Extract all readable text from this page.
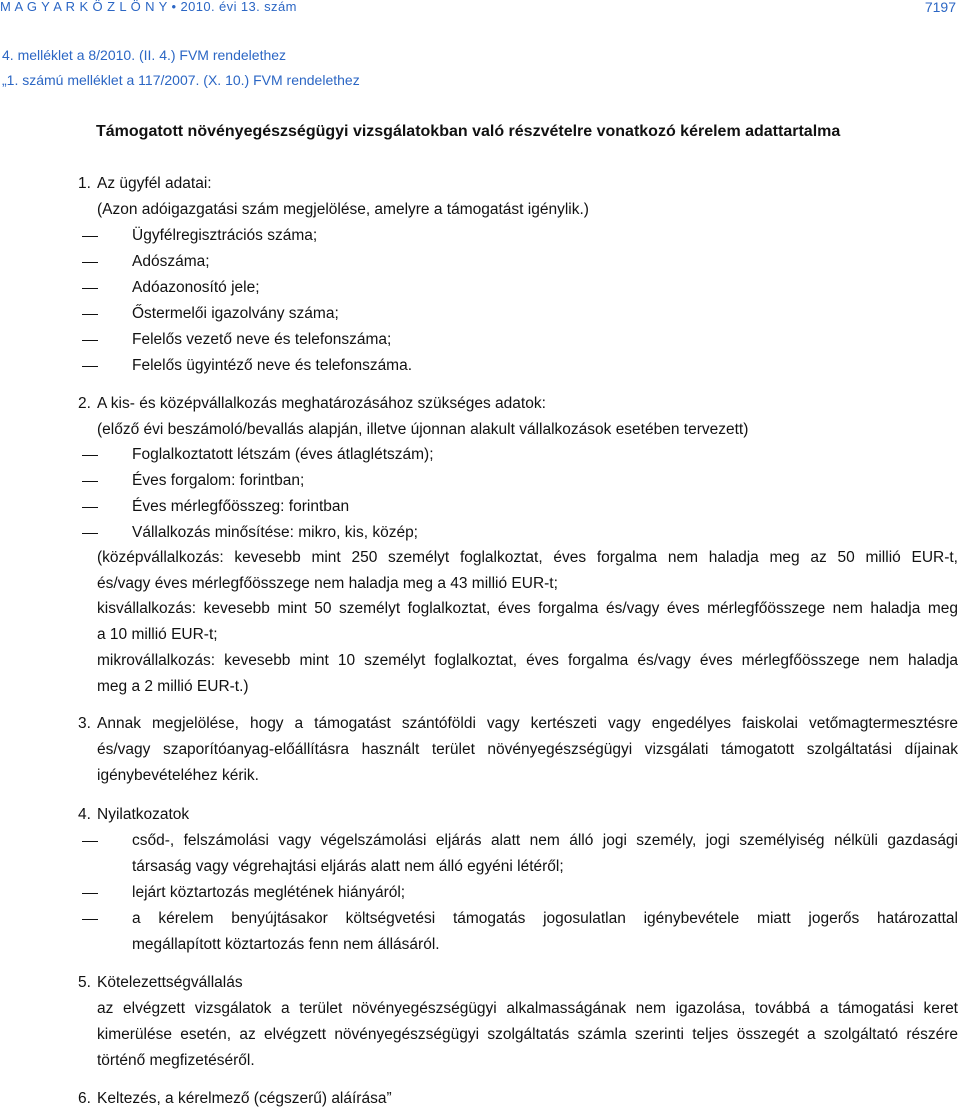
M A G Y A R K Ö Z L Ö N Y • 2010. évi 13. szám	7197
4. melléklet a 8/2010. (II. 4.) FVM rendelethez
„1. számú melléklet a 117/2007. (X. 10.) FVM rendelethez
Támogatott növényegészségügyi vizsgálatokban való részvételre vonatkozó kérelem adattartalma
1. Az ügyfél adatai:
(Azon adóigazgatási szám megjelölése, amelyre a támogatást igénylik.)
Ügyfélregisztrációs száma;
Adószáma;
Adóazonosító jele;
Őstermelői igazolvány száma;
Felelős vezető neve és telefonszáma;
Felelős ügyintéző neve és telefonszáma.
2. A kis- és középvállalkozás meghatározásához szükséges adatok:
(előző évi beszámoló/bevallás alapján, illetve újonnan alakult vállalkozások esetében tervezett)
Foglalkoztatott létszám (éves átlaglétszám);
Éves forgalom: forintban;
Éves mérlegfőösszeg: forintban
Vállalkozás minősítése: mikro, kis, közép;
(középvállalkozás: kevesebb mint 250 személyt foglalkoztat, éves forgalma nem haladja meg az 50 millió EUR-t,
és/vagy éves mérlegfőösszege nem haladja meg a 43 millió EUR-t;
kisvállalkozás: kevesebb mint 50 személyt foglalkoztat, éves forgalma és/vagy éves mérlegfőösszege nem haladja meg
a 10 millió EUR-t;
mikrovállalkozás: kevesebb mint 10 személyt foglalkoztat, éves forgalma és/vagy éves mérlegfőösszege nem haladja
meg a 2 millió EUR-t.)
3. Annak megjelölése, hogy a támogatást szántóföldi vagy kertészeti vagy engedélyes faiskolai vetőmagtermesztésre
és/vagy szaporítóanyag-előállításra használt terület növényegészségügyi vizsgálati támogatott szolgáltatási díjainak
igénybevételéhez kérik.
4. Nyilatkozatok
csőd-, felszámolási vagy végelszámolási eljárás alatt nem álló jogi személy, jogi személyiség nélküli gazdasági
társaság vagy végrehajtási eljárás alatt nem álló egyéni létéről;
lejárt köztartozás meglétének hiányáról;
a kérelem benyújtásakor költségvetési támogatás jogosulatlan igénybevétele miatt jogerős határozattal
megállapított köztartozás fenn nem állásáról.
5. Kötelezettségvállalás
az elvégzett vizsgálatok a terület növényegészségügyi alkalmasságának nem igazolása, továbbá a támogatási keret
kimerülése esetén, az elvégzett növényegészségügyi szolgáltatás számla szerinti teljes összegét a szolgáltató részére
történő megfizetéséről.
6. Keltezés, a kérelmező (cégszerű) aláírása”
